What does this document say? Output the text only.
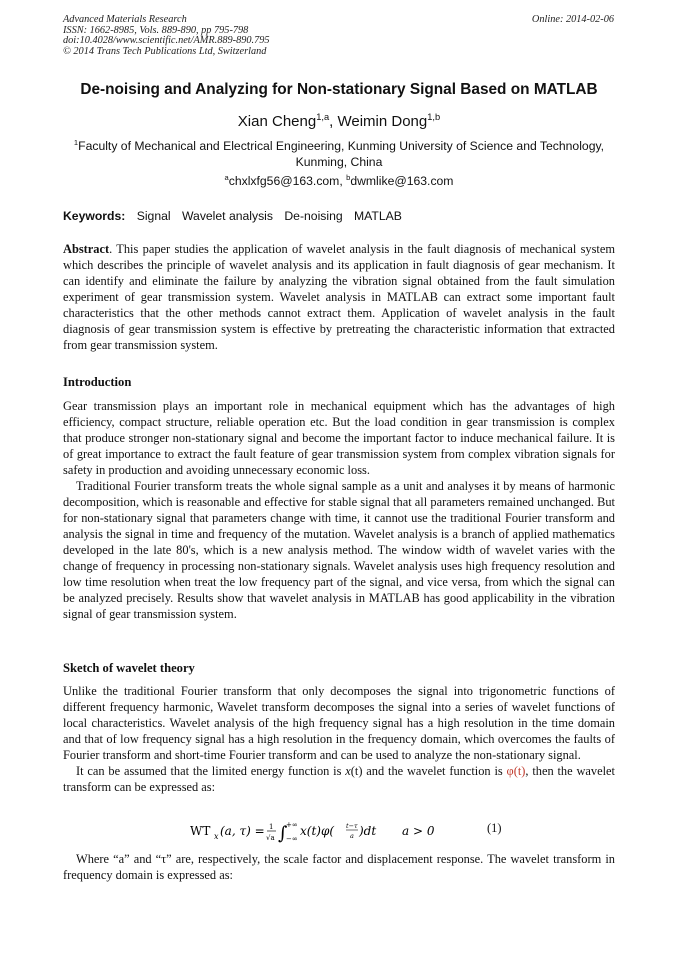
Advanced Materials Research
ISSN: 1662-8985, Vols. 889-890, pp 795-798
doi:10.4028/www.scientific.net/AMR.889-890.795
© 2014 Trans Tech Publications Ltd, Switzerland
Online: 2014-02-06
De-noising and Analyzing for Non-stationary Signal Based on MATLAB
Xian Cheng$^{1,a}$, Weimin Dong$^{1,b}$
$^1$Faculty of Mechanical and Electrical Engineering, Kunming University of Science and Technology, Kunming, China
$^a$chxlxfg56@163.com, $^b$dwmlike@163.com
Keywords: Signal Wavelet analysis De-noising MATLAB

Abstract. This paper studies the application of wavelet analysis in the fault diagnosis of mechanical system which describes the principle of wavelet analysis and its application in fault diagnosis of gear mechanism. It can identify and eliminate the failure by analyzing the vibration signal obtained from the fault simulation experiment of gear transmission system. Wavelet analysis in MATLAB can extract some important fault characteristics that the other methods cannot extract them. Application of wavelet analysis in the fault diagnosis of gear transmission system is effective by pretreating the characteristic information that extracted from gear transmission system.

Introduction

Gear transmission plays an important role in mechanical equipment which has the advantages of high efficiency, compact structure, reliable operation etc. But the load condition in gear transmission is complex that produce stronger non-stationary signal and become the important factor to induce mechanical failure. It is of great importance to extract the fault feature of gear transmission system from complex vibration signals for safety in production and avoiding unnecessary economic loss.

Traditional Fourier transform treats the whole signal sample as a unit and analyses it by means of harmonic decomposition, which is reasonable and effective for stable signal that all parameters remained unchanged. But for non-stationary signal that parameters change with time, it cannot use the traditional Fourier transform and analysis the signal in time and frequency of the mutation. Wavelet analysis is a branch of applied mathematics developed in the late 80's, which is a new analysis method. The window width of wavelet varies with the change of frequency in processing non-stationary signals. Wavelet analysis uses high frequency resolution and low time resolution when treat the low frequency part of the signal, and vice versa, from which the signal can be analyzed precisely. Results show that wavelet analysis in MATLAB has good applicability in the vibration signal of gear transmission system.

Sketch of wavelet theory

Unlike the traditional Fourier transform that only decomposes the signal into trigonometric functions of different frequency harmonic, Wavelet transform decomposes the signal into a series of wavelet functions of local characteristics. Wavelet analysis of the high frequency signal has a high resolution in the time domain and that of low frequency signal has a high resolution in the frequency domain, which overcomes the faults of Fourier transform and short-time Fourier transform and can be used to analyze the non-stationary signal.

It can be assumed that the limited energy function is x(t) and the wavelet function is φ(t), then the wavelet transform can be expressed as:

WT x (a, τ) = 1
√a ∫
+∞
−∞
x(t)φ( t−τ
a )dt a > 0	(1)

Where “a” and “τ” are, respectively, the scale factor and displacement response. The wavelet transform in frequency domain is expressed as:
